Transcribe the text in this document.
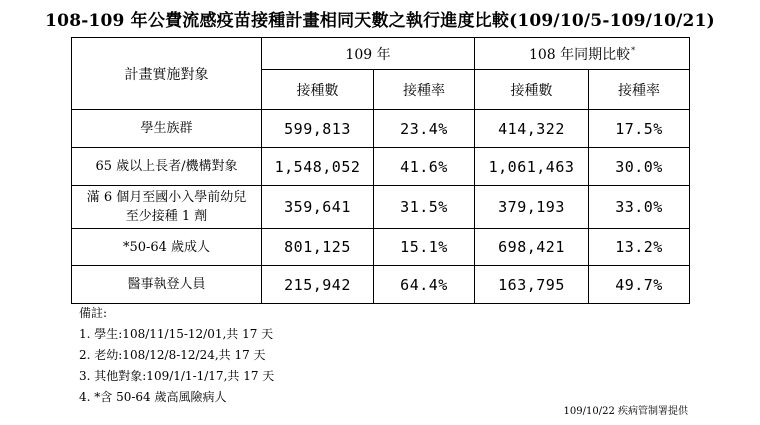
108-109 年公費流感疫苗接種計畫相同天數之執行進度比較(109/10/5-109/10/21)
計畫實施對象	109 年		108 年同期比較*
	接種數	接種率	接種數	接種率

學生族群	599,813	23.4%	414,322	17.5%

65 歲以上長者/機構對象	1,548,052	41.6%	1,061,463	30.0%

滿 6 個月至國小入學前幼兒
至少接種 1 劑	359,641	31.5%	379,193	33.0%

*50-64 歲成人	801,125	15.1%	698,421	13.2%

醫事執登人員	215,942	64.4%	163,795	49.7%
備註:
1. 學生:108/11/15-12/01,共 17 天
2. 老幼:108/12/8-12/24,共 17 天
3. 其他對象:109/1/1-1/17,共 17 天
4. *含 50-64 歲高風險病人
109/10/22 疾病管制署提供
